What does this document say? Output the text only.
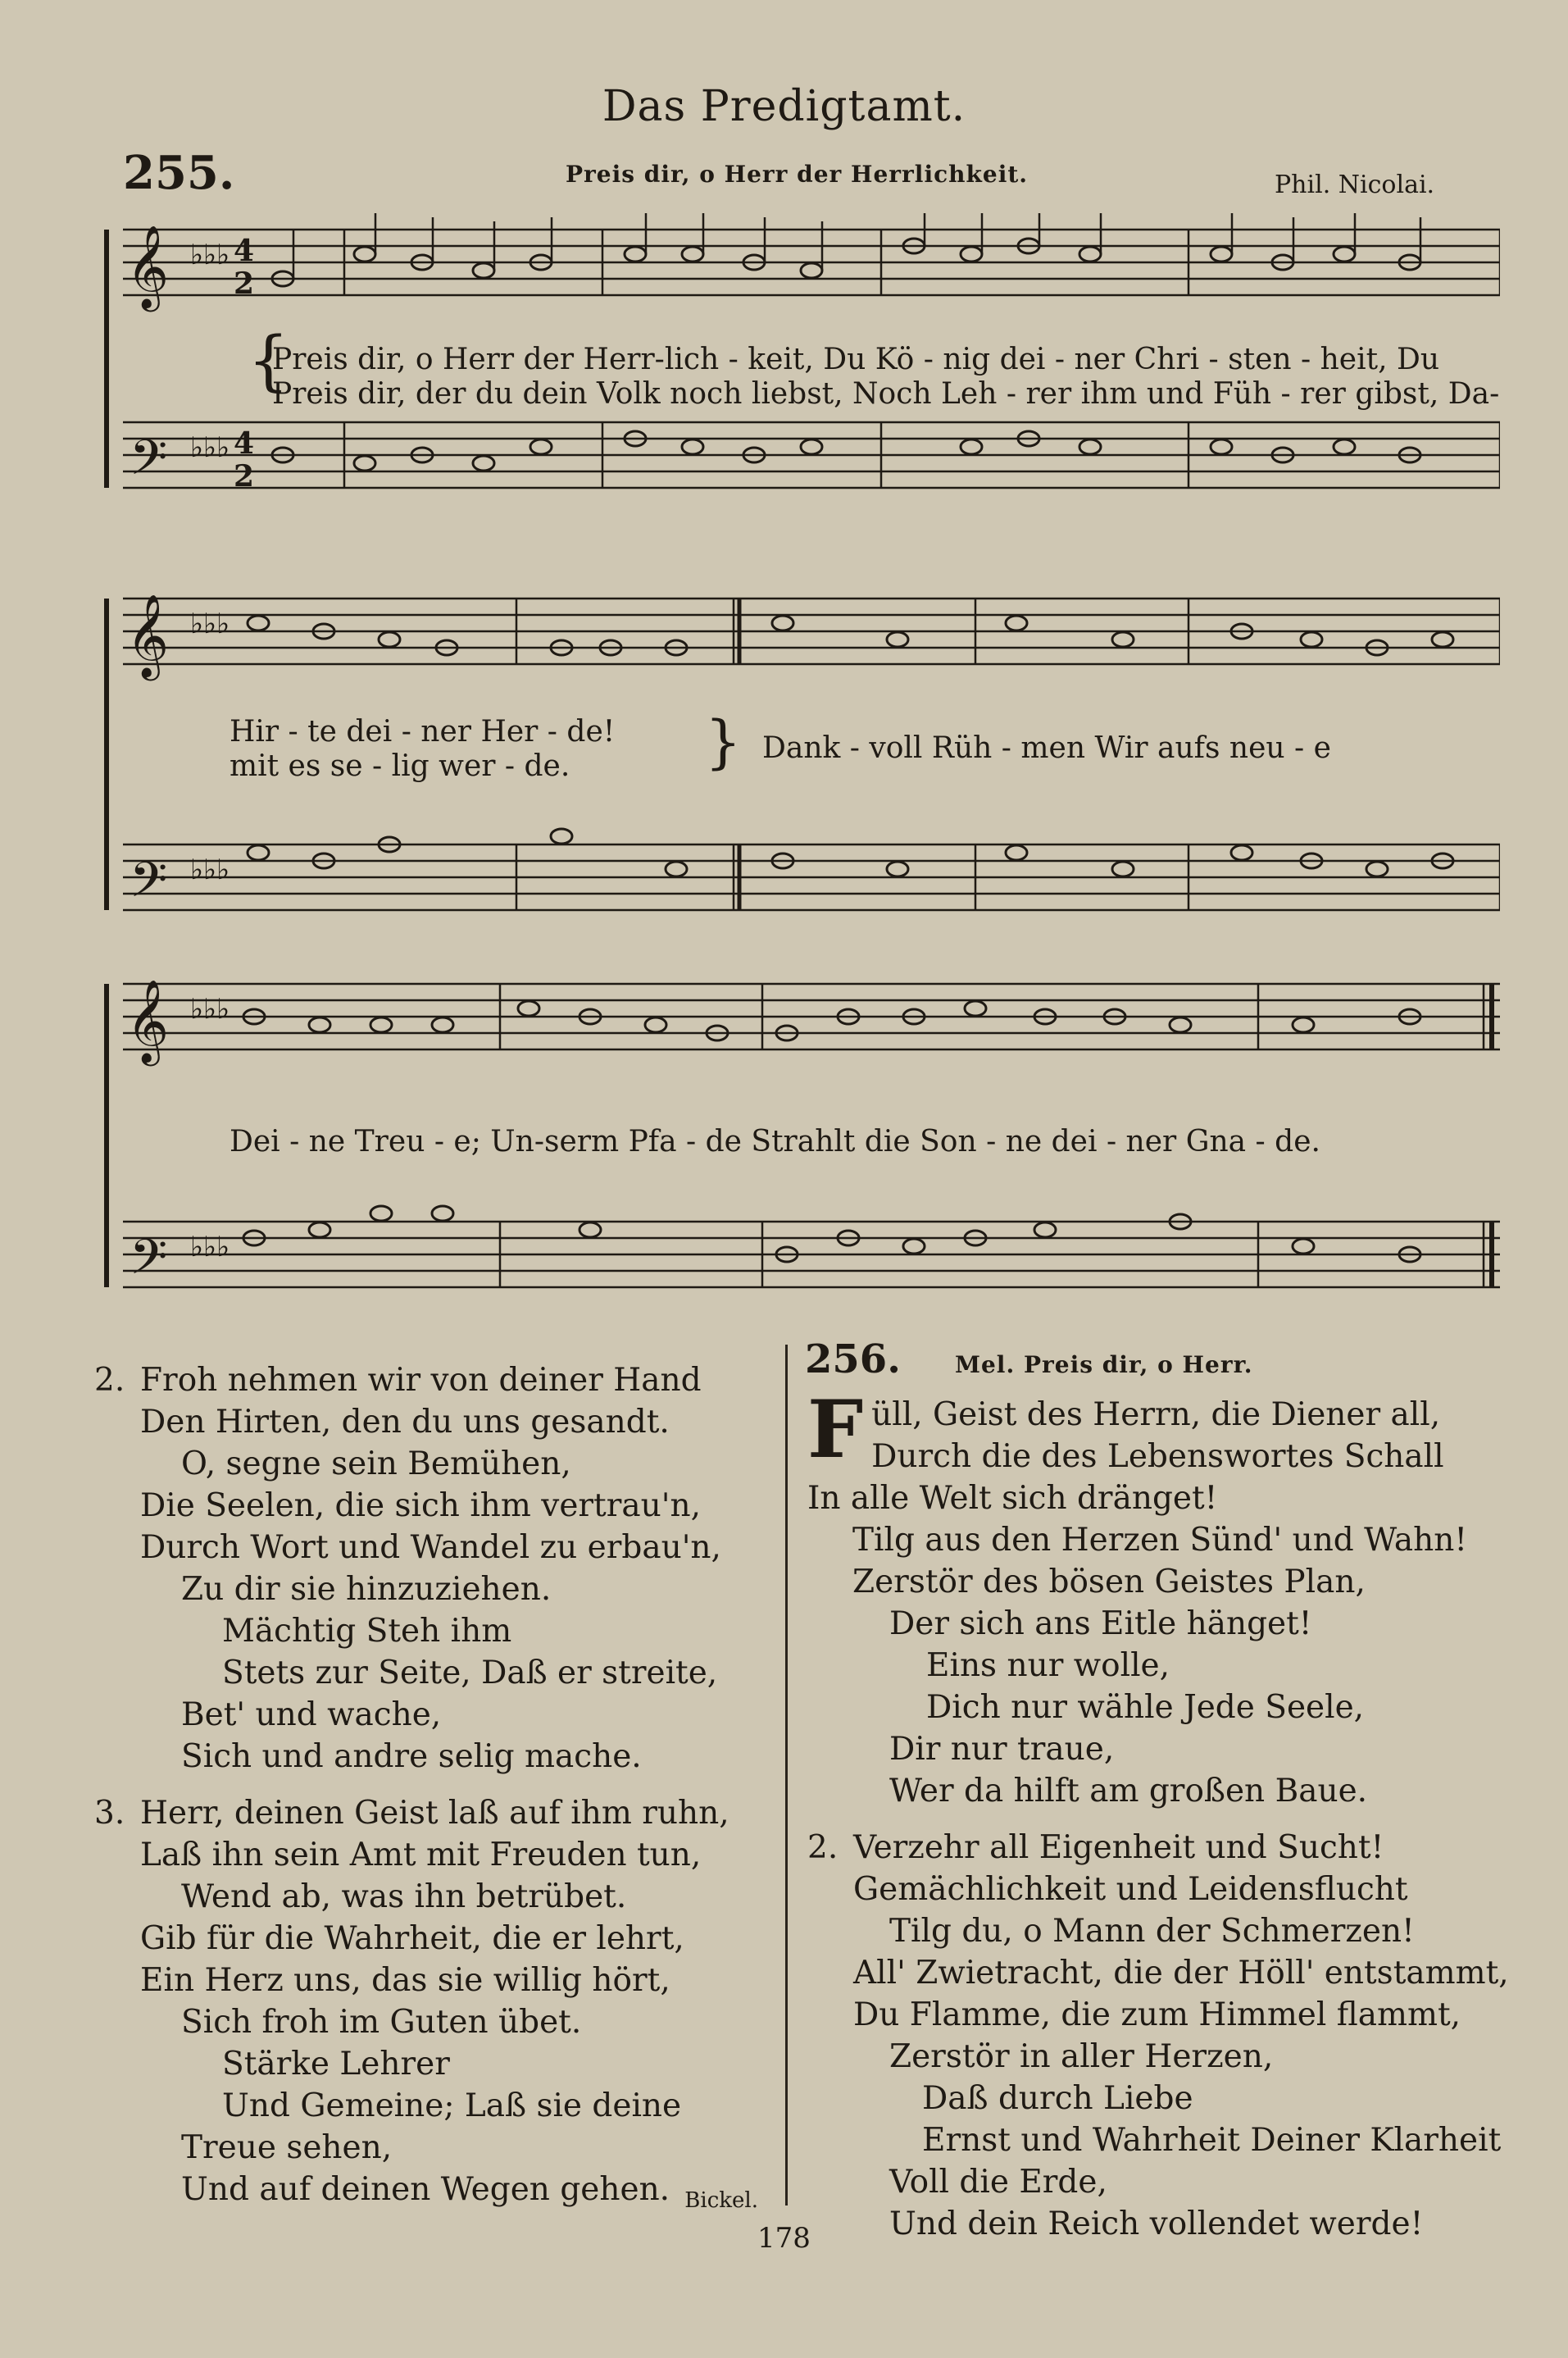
Das Predigtamt.
255.	Preis dir, o Herr der Herrlichkeit.	Phil. Nicolai.
𝄞
𝄢
♭♭♭
♭♭♭
4
2
4
2
{
Preis dir, o Herr der Herr-lich - keit, Du Kö - nig dei - ner Chri - sten - heit, Du
Preis dir, der du dein Volk noch liebst, Noch Leh - rer ihm und Füh - rer gibst, Da-
𝄞
𝄢
♭♭♭
♭♭♭
Hir - te dei - ner Her - de!
mit es se - lig wer - de. } Dank - voll Rüh - men Wir aufs neu - e
𝄞
𝄢
♭♭♭
♭♭♭
Dei - ne Treu - e; Un-serm Pfa - de Strahlt die Son - ne dei - ner Gna - de.
2. Froh nehmen wir von deiner Hand
Den Hirten, den du uns gesandt.
O, segne sein Bemühen,
Die Seelen, die sich ihm vertrau'n,
Durch Wort und Wandel zu erbau'n,
Zu dir sie hinzuziehen.
Mächtig Steh ihm
Stets zur Seite, Daß er streite,
Bet' und wache,
Sich und andre selig mache.
3. Herr, deinen Geist laß auf ihm ruhn,
Laß ihn sein Amt mit Freuden tun,
Wend ab, was ihn betrübet.
Gib für die Wahrheit, die er lehrt,
Ein Herz uns, das sie willig hört,
Sich froh im Guten übet.
Stärke Lehrer
Und Gemeine; Laß sie deine
Treue sehen,
Und auf deinen Wegen gehen. Bickel.
256. Mel. Preis dir, o Herr.
F üll, Geist des Herrn, die Diener all,
Durch die des Lebenswortes Schall
In alle Welt sich dränget!
Tilg aus den Herzen Sünd' und Wahn!
Zerstör des bösen Geistes Plan,
Der sich ans Eitle hänget!
Eins nur wolle,
Dich nur wähle Jede Seele,
Dir nur traue,
Wer da hilft am großen Baue.
2. Verzehr all Eigenheit und Sucht!
Gemächlichkeit und Leidensflucht
Tilg du, o Mann der Schmerzen!
All' Zwietracht, die der Höll' entstammt,
Du Flamme, die zum Himmel flammt,
Zerstör in aller Herzen,
Daß durch Liebe
Ernst und Wahrheit Deiner Klarheit
Voll die Erde,
Und dein Reich vollendet werde!
178
